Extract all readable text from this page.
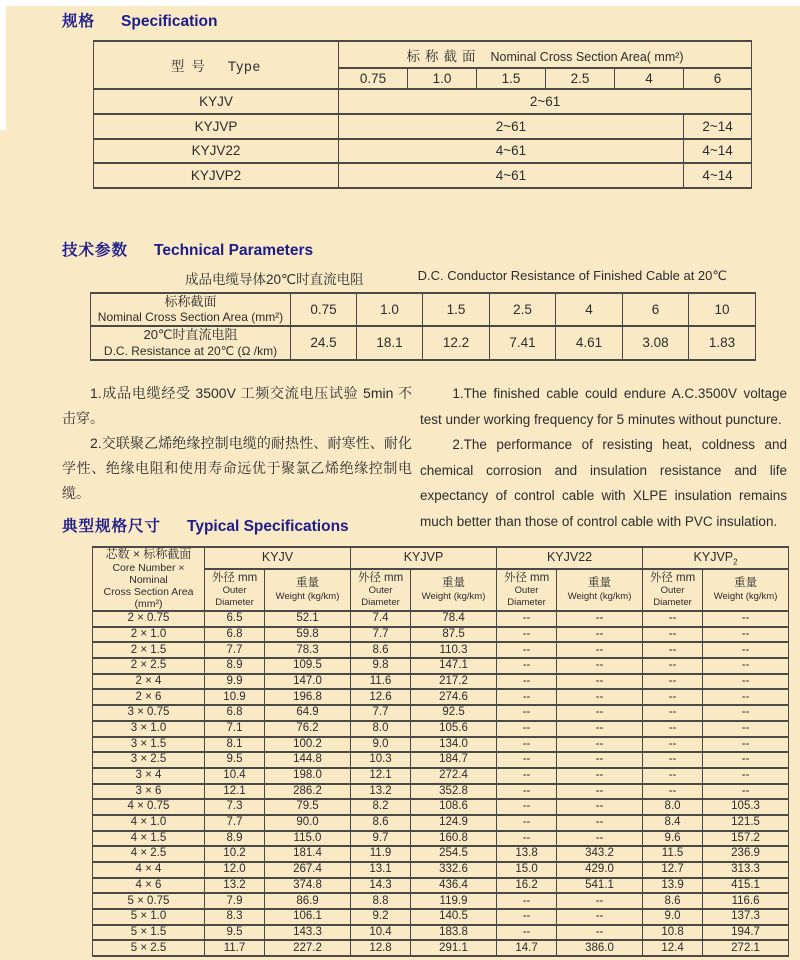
规格 Specification
型号 Type	标称截面 Nominal Cross Section Area( mm²)					
	0.75	1.0	1.5	2.5	4	6
KYJV	2~61					
KYJVP	2~61					2~14
KYJV22	4~61					4~14
KYJVP2	4~61					4~14
技术参数 Technical Parameters
成品电缆导体20℃时直流电阻	D.C. Conductor Resistance of Finished Cable at 20℃
标称截面
Nominal Cross Section Area (mm²)	0.75	1.0	1.5	2.5	4	6	10

20℃时直流电阻
D.C. Resistance at 20℃ (Ω /km)	24.5	18.1	12.2	7.41	4.61	3.08	1.83

1.成品电缆经受 3500V 工频交流电压试验 5min 不击穿。

2.交联聚乙烯绝缘控制电缆的耐热性、耐寒性、耐化学性、绝缘电阻和使用寿命远优于聚氯乙烯绝缘控制电缆。

1.The finished cable could endure A.C.3500V voltage test under working frequency for 5 minutes without puncture.

2.The performance of resisting heat, coldness and chemical corrosion and insulation resistance and life expectancy of control cable with XLPE insulation remains much better than those of control cable with PVC insulation.

典型规格尺寸 Typical Specifications
芯数 × 标称截面
Core Number × Nominal
Cross Section Area (mm²)	KYJV		KYJVP		KYJV22		$KYJVP_2$

	外径 mm
Outer Diameter	重量
Weight (kg/km)	外径 mm
Outer Diameter	重量
Weight (kg/km)	外径 mm
Outer Diameter	重量
Weight (kg/km)	外径 mm
Outer Diameter	重量
Weight (kg/km)

2 × 0.75	6.5	52.1	7.4	78.4	--	--	--	--
2 × 1.0	6.8	59.8	7.7	87.5	--	--	--	--
2 × 1.5	7.7	78.3	8.6	110.3	--	--	--	--
2 × 2.5	8.9	109.5	9.8	147.1	--	--	--	--
2 × 4	9.9	147.0	11.6	217.2	--	--	--	--
2 × 6	10.9	196.8	12.6	274.6	--	--	--	--
3 × 0.75	6.8	64.9	7.7	92.5	--	--	--	--
3 × 1.0	7.1	76.2	8.0	105.6	--	--	--	--
3 × 1.5	8.1	100.2	9.0	134.0	--	--	--	--
3 × 2.5	9.5	144.8	10.3	184.7	--	--	--	--
3 × 4	10.4	198.0	12.1	272.4	--	--	--	--
3 × 6	12.1	286.2	13.2	352.8	--	--	--	--
4 × 0.75	7.3	79.5	8.2	108.6	--	--	8.0	105.3
4 × 1.0	7.7	90.0	8.6	124.9	--	--	8.4	121.5
4 × 1.5	8.9	115.0	9.7	160.8	--	--	9.6	157.2
4 × 2.5	10.2	181.4	11.9	254.5	13.8	343.2	11.5	236.9
4 × 4	12.0	267.4	13.1	332.6	15.0	429.0	12.7	313.3
4 × 6	13.2	374.8	14.3	436.4	16.2	541.1	13.9	415.1
5 × 0.75	7.9	86.9	8.8	119.9	--	--	8.6	116.6
5 × 1.0	8.3	106.1	9.2	140.5	--	--	9.0	137.3
5 × 1.5	9.5	143.3	10.4	183.8	--	--	10.8	194.7
5 × 2.5	11.7	227.2	12.8	291.1	14.7	386.0	12.4	272.1
